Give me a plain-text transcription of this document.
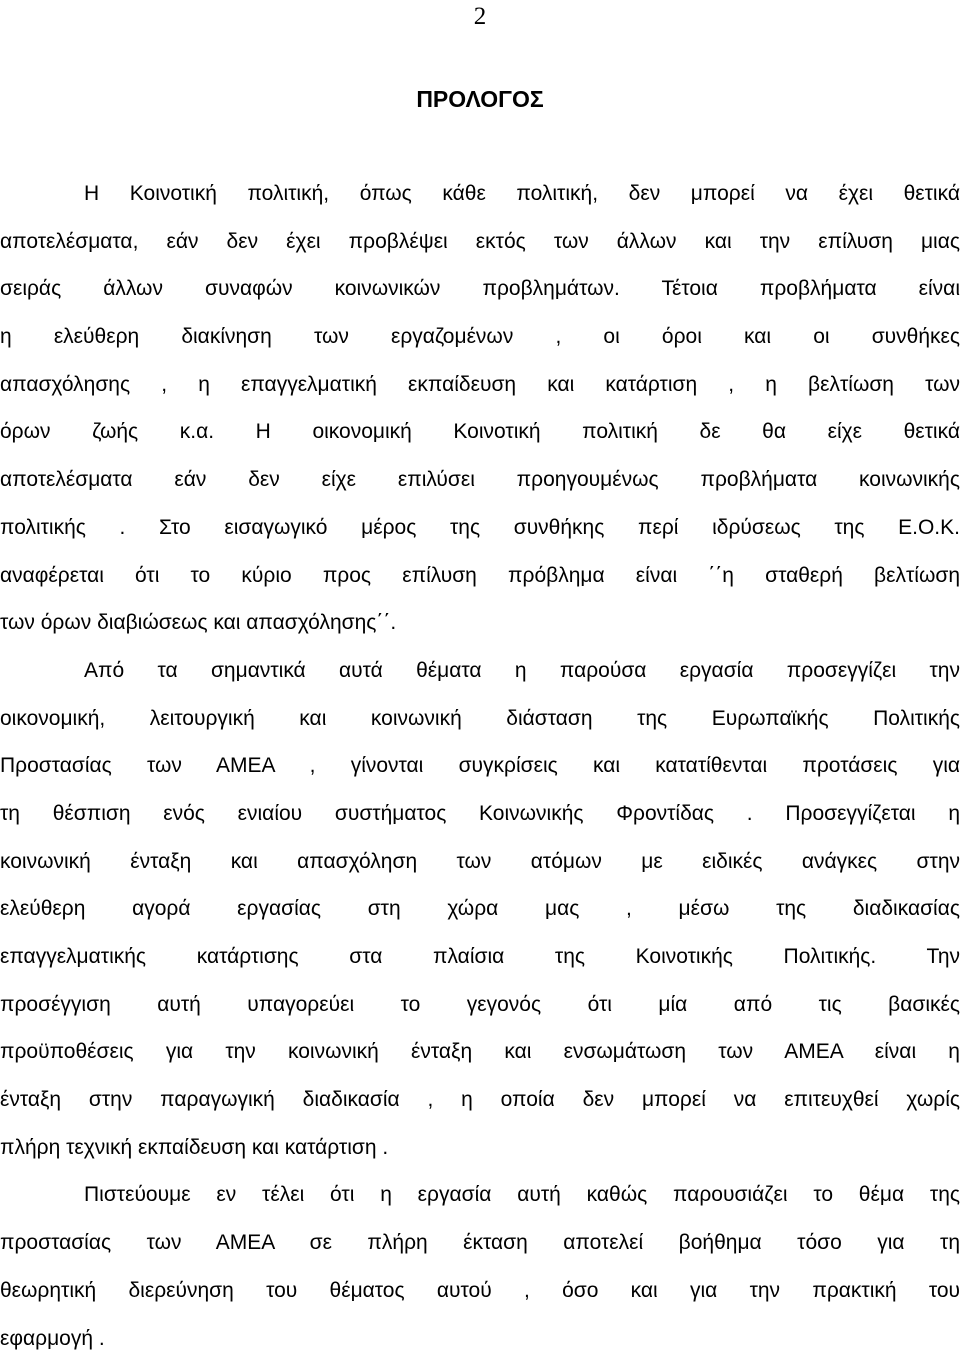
2
ΠΡΟΛΟΓΟΣ
Η Κοινοτική πολιτική, όπως κάθε πολιτική, δεν μπορεί να έχει θετικά
αποτελέσματα, εάν δεν έχει προβλέψει εκτός των άλλων και την επίλυση μιας
σειράς άλλων συναφών κοινωνικών προβλημάτων. Τέτοια προβλήματα είναι
η ελεύθερη διακίνηση των εργαζομένων , οι όροι και οι συνθήκες
απασχόλησης , η επαγγελματική εκπαίδευση και κατάρτιση , η βελτίωση των
όρων ζωής κ.α. Η οικονομική Κοινοτική πολιτική δε θα είχε θετικά
αποτελέσματα εάν δεν είχε επιλύσει προηγουμένως προβλήματα κοινωνικής
πολιτικής . Στο εισαγωγικό μέρος της συνθήκης περί ιδρύσεως της Ε.Ο.Κ.
αναφέρεται ότι το κύριο προς επίλυση πρόβλημα είναι ΄΄η σταθερή βελτίωση
των όρων διαβιώσεως και απασχόλησης΄΄.
Από τα σημαντικά αυτά θέματα η παρούσα εργασία προσεγγίζει την
οικονομική, λειτουργική και κοινωνική διάσταση της Ευρωπαϊκής Πολιτικής
Προστασίας των ΑΜΕΑ , γίνονται συγκρίσεις και κατατίθενται προτάσεις για
τη θέσπιση ενός ενιαίου συστήματος Κοινωνικής Φροντίδας . Προσεγγίζεται η
κοινωνική ένταξη και απασχόληση των ατόμων με ειδικές ανάγκες στην
ελεύθερη αγορά εργασίας στη χώρα μας , μέσω της διαδικασίας
επαγγελματικής κατάρτισης στα πλαίσια της Κοινοτικής Πολιτικής. Την
προσέγγιση αυτή υπαγορεύει το γεγονός ότι μία από τις βασικές
προϋποθέσεις για την κοινωνική ένταξη και ενσωμάτωση των ΑΜΕΑ είναι η
ένταξη στην παραγωγική διαδικασία , η οποία δεν μπορεί να επιτευχθεί χωρίς
πλήρη τεχνική εκπαίδευση και κατάρτιση .
Πιστεύουμε εν τέλει ότι η εργασία αυτή καθώς παρουσιάζει το θέμα της
προστασίας των ΑΜΕΑ σε πλήρη έκταση αποτελεί βοήθημα τόσο για τη
θεωρητική διερεύνηση του θέματος αυτού , όσο και για την πρακτική του
εφαρμογή .
